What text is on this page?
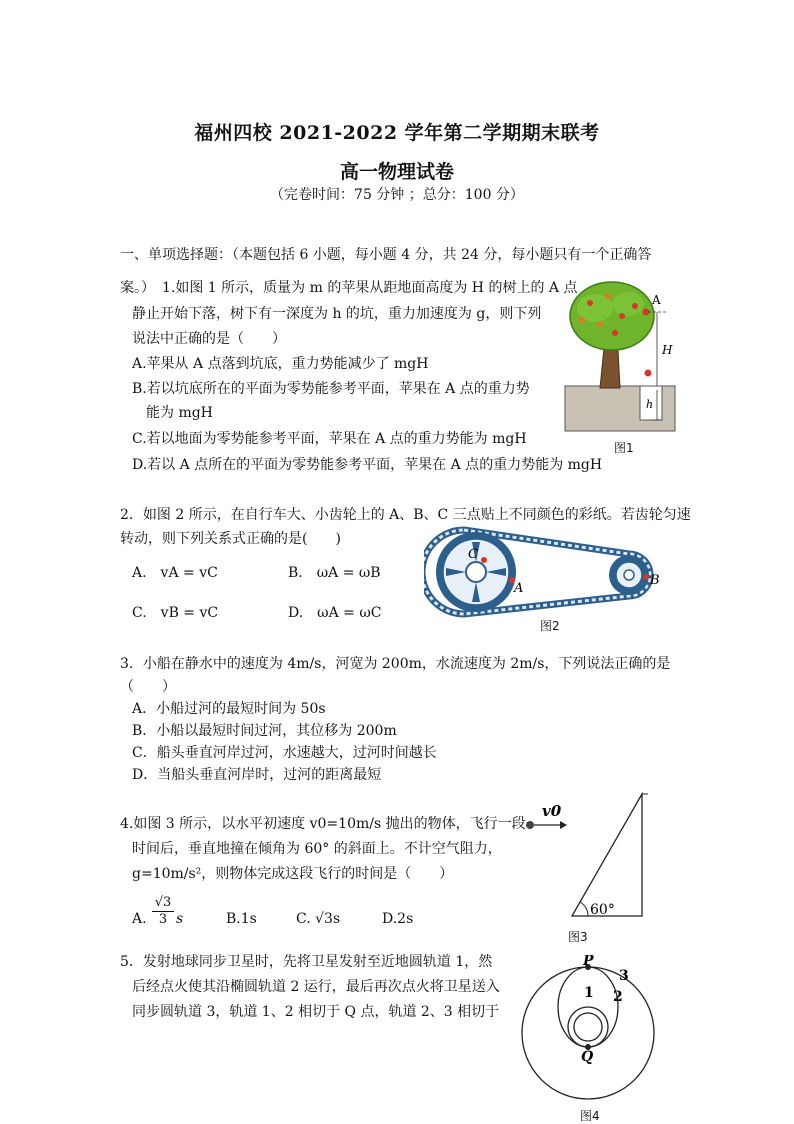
福州四校 2021-2022 学年第二学期期末联考
高一物理试卷
（完卷时间：75 分钟 ；总分：100 分）
一、单项选择题：（本题包括 6 小题，每小题 4 分，共 24 分，每小题只有一个正确答
案。） 1.如图 1 所示，质量为 m 的苹果从距地面高度为 H 的树上的 A 点
静止开始下落，树下有一深度为 h 的坑，重力加速度为 g，则下列
说法中正确的是（　　）
A.苹果从 A 点落到坑底，重力势能减少了 mgH
B.若以坑底所在的平面为零势能参考平面，苹果在 A 点的重力势
能为 mgH
C.若以地面为零势能参考平面，苹果在 A 点的重力势能为 mgH
D.若以 A 点所在的平面为零势能参考平面，苹果在 A 点的重力势能为 mgH
A
H
h
图1
2．如图 2 所示，在自行车大、小齿轮上的 A、B、C 三点贴上不同颜色的彩纸。若齿轮匀速
转动，则下列关系式正确的是(　　)
A.　vA = vC	B.　ωA = ωB
C.　vB = vC	D.　ωA = ωC
C
A
B
图2
3．小船在静水中的速度为 4m/s，河宽为 200m，水流速度为 2m/s，下列说法正确的是
（　　）
A．小船过河的最短时间为 50s
B．小船以最短时间过河，其位移为 200m
C．船头垂直河岸过河，水速越大，过河时间越长
D．当船头垂直河岸时，过河的距离最短
4.如图 3 所示，以水平初速度 v0=10m/s 抛出的物体，飞行一段
时间后，垂直地撞在倾角为 60° 的斜面上。不计空气阻力，
g=10m/s²，则物体完成这段飞行的时间是（　　）
A. $\frac{√3}{3}$ s	B.1s	C. √3s	D.2s
v0
60°
图3
5．发射地球同步卫星时，先将卫星发射至近地圆轨道 1，然
后经点火使其沿椭圆轨道 2 运行，最后再次点火将卫星送入
同步圆轨道 3，轨道 1、2 相切于 Q 点，轨道 2、3 相切于
P
Q
1 2
3
图4
